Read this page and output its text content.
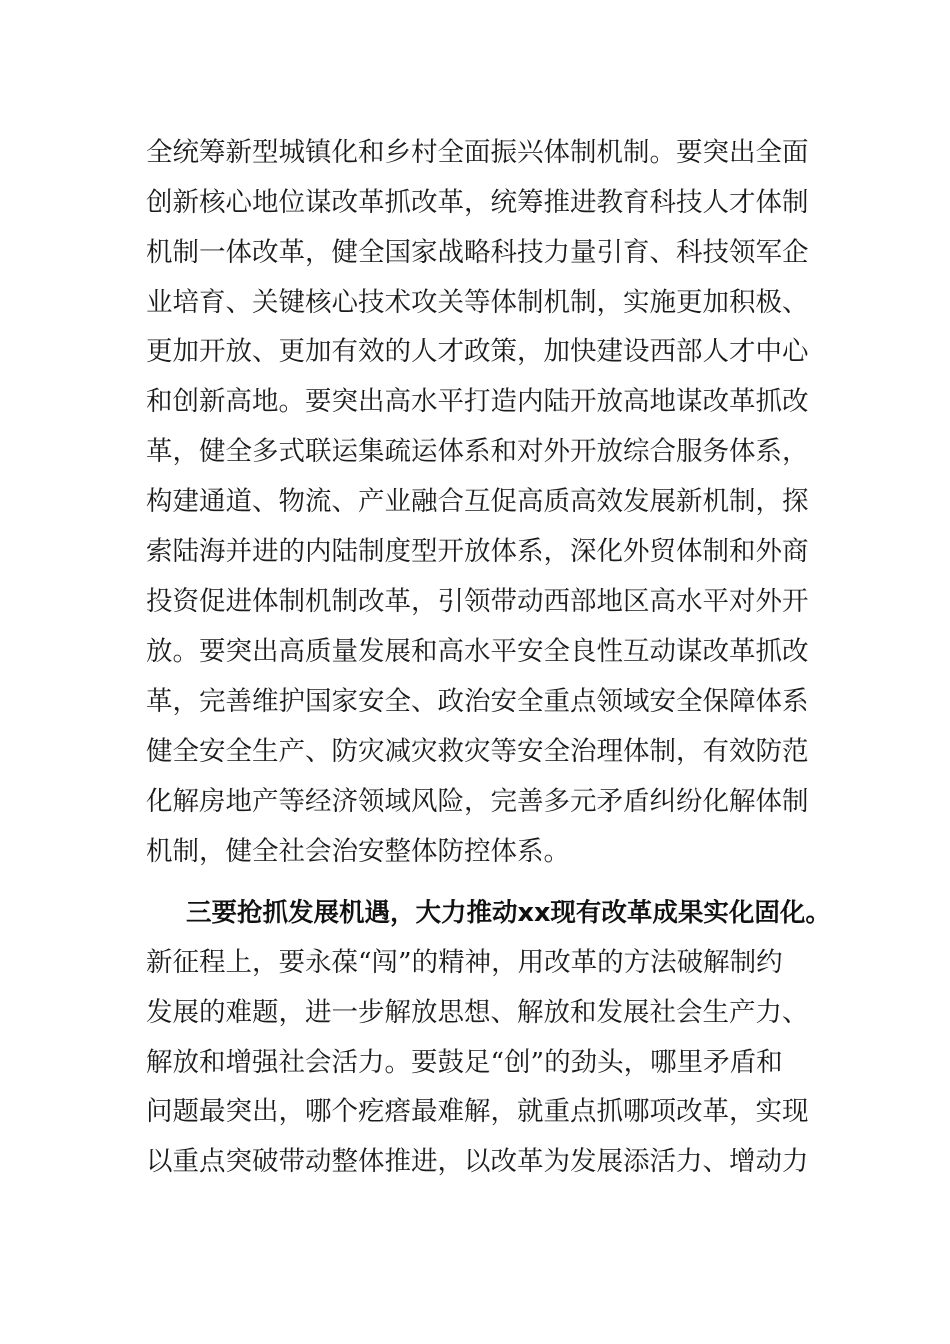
全统筹新型城镇化和乡村全面振兴体制机制。要突出全面
创新核心地位谋改革抓改革，统筹推进教育科技人才体制
机制一体改革，健全国家战略科技力量引育、科技领军企
业培育、关键核心技术攻关等体制机制，实施更加积极、
更加开放、更加有效的人才政策，加快建设西部人才中心
和创新高地。要突出高水平打造内陆开放高地谋改革抓改
革，健全多式联运集疏运体系和对外开放综合服务体系，
构建通道、物流、产业融合互促高质高效发展新机制，探
索陆海并进的内陆制度型开放体系，深化外贸体制和外商
投资促进体制机制改革，引领带动西部地区高水平对外开
放。要突出高质量发展和高水平安全良性互动谋改革抓改
革，完善维护国家安全、政治安全重点领域安全保障体系
健全安全生产、防灾减灾救灾等安全治理体制，有效防范
化解房地产等经济领域风险，完善多元矛盾纠纷化解体制
机制，健全社会治安整体防控体系。
三要抢抓发展机遇，大力推动xx现有改革成果实化固化。
新征程上，要永葆“闯”的精神，用改革的方法破解制约
发展的难题，进一步解放思想、解放和发展社会生产力、
解放和增强社会活力。要鼓足“创”的劲头，哪里矛盾和
问题最突出，哪个疙瘩最难解，就重点抓哪项改革，实现
以重点突破带动整体推进，以改革为发展添活力、增动力
